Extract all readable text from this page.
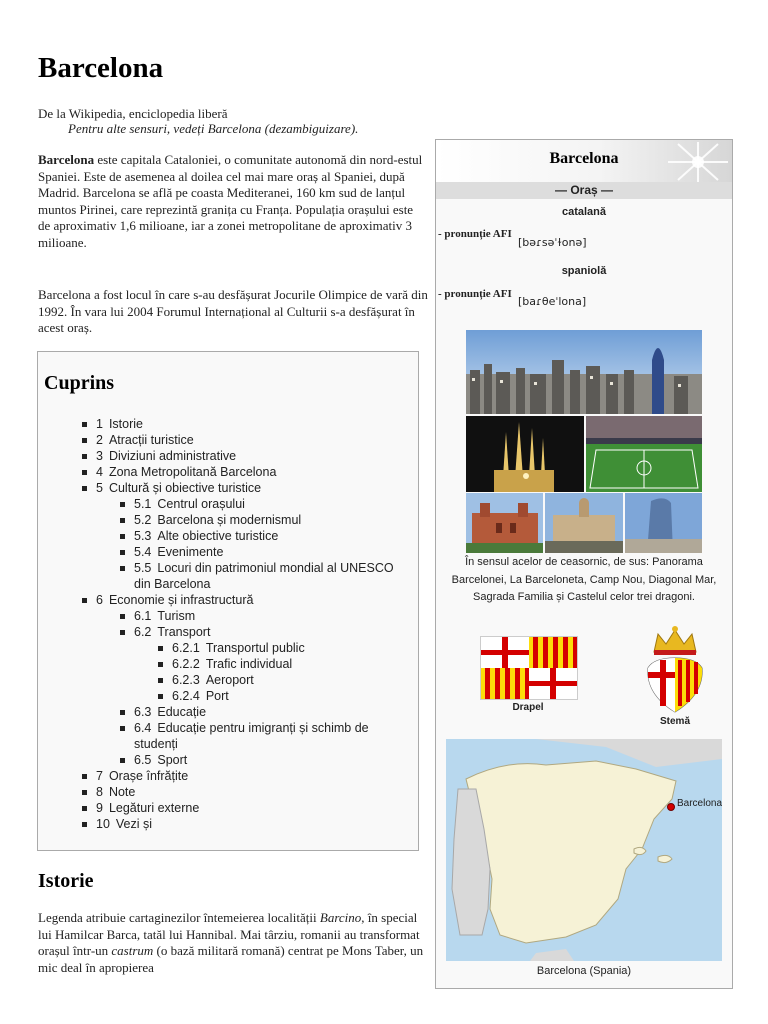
Barcelona
De la Wikipedia, enciclopedia liberă
Pentru alte sensuri, vedeți Barcelona (dezambiguizare).

Barcelona este capitala Cataloniei, o comunitate autonomă din nord-estul Spaniei. Este de asemenea al doilea cel mai mare oraș al Spaniei, după Madrid. Barcelona se află pe coasta Mediteranei, 160 km sud de lanțul muntos Pirinei, care reprezintă granița cu Franța. Populația orașului este de aproximativ 1,6 milioane, iar a zonei metropolitane de aproximativ 3 milioane.

Barcelona a fost locul în care s-au desfășurat Jocurile Olimpice de vară din 1992. În vara lui 2004 Forumul Internațional al Culturii s-a desfășurat în acest oraș.

Cuprins
1 Istorie
2 Atracții turistice
3 Diviziuni administrative
4 Zona Metropolitană Barcelona
5 Cultură și obiective turistice
5.1 Centrul orașului
5.2 Barcelona și modernismul
5.3 Alte obiective turistice
5.4 Evenimente
5.5 Locuri din patrimoniul mondial al UNESCO din Barcelona
6 Economie și infrastructură
6.1 Turism
6.2 Transport
6.2.1 Transportul public
6.2.2 Trafic individual
6.2.3 Aeroport
6.2.4 Port
6.3 Educație
6.4 Educație pentru imigranți și schimb de studenți
6.5 Sport
7 Orașe înfrățite
8 Note
9 Legături externe
10 Vezi și
Istorie

Legenda atribuie cartaginezilor întemeierea localității Barcino, în special lui Hamilcar Barca, tatăl lui Hannibal. Mai târziu, romanii au transformat orașul într-un castrum (o bază militară romană) centrat pe Mons Taber, un mic deal în apropierea

Barcelona
— Oraș —
catalană
- pronunție AFI
[bəɾsəˈɫonə]
spaniolă
- pronunție AFI
[baɾθeˈlona]
În sensul acelor de ceasornic, de sus: Panorama Barcelonei, La Barceloneta, Camp Nou, Diagonal Mar, Sagrada Familia și Castelul celor trei dragoni.
Drapel
Stemă
Barcelona
Barcelona (Spania)
